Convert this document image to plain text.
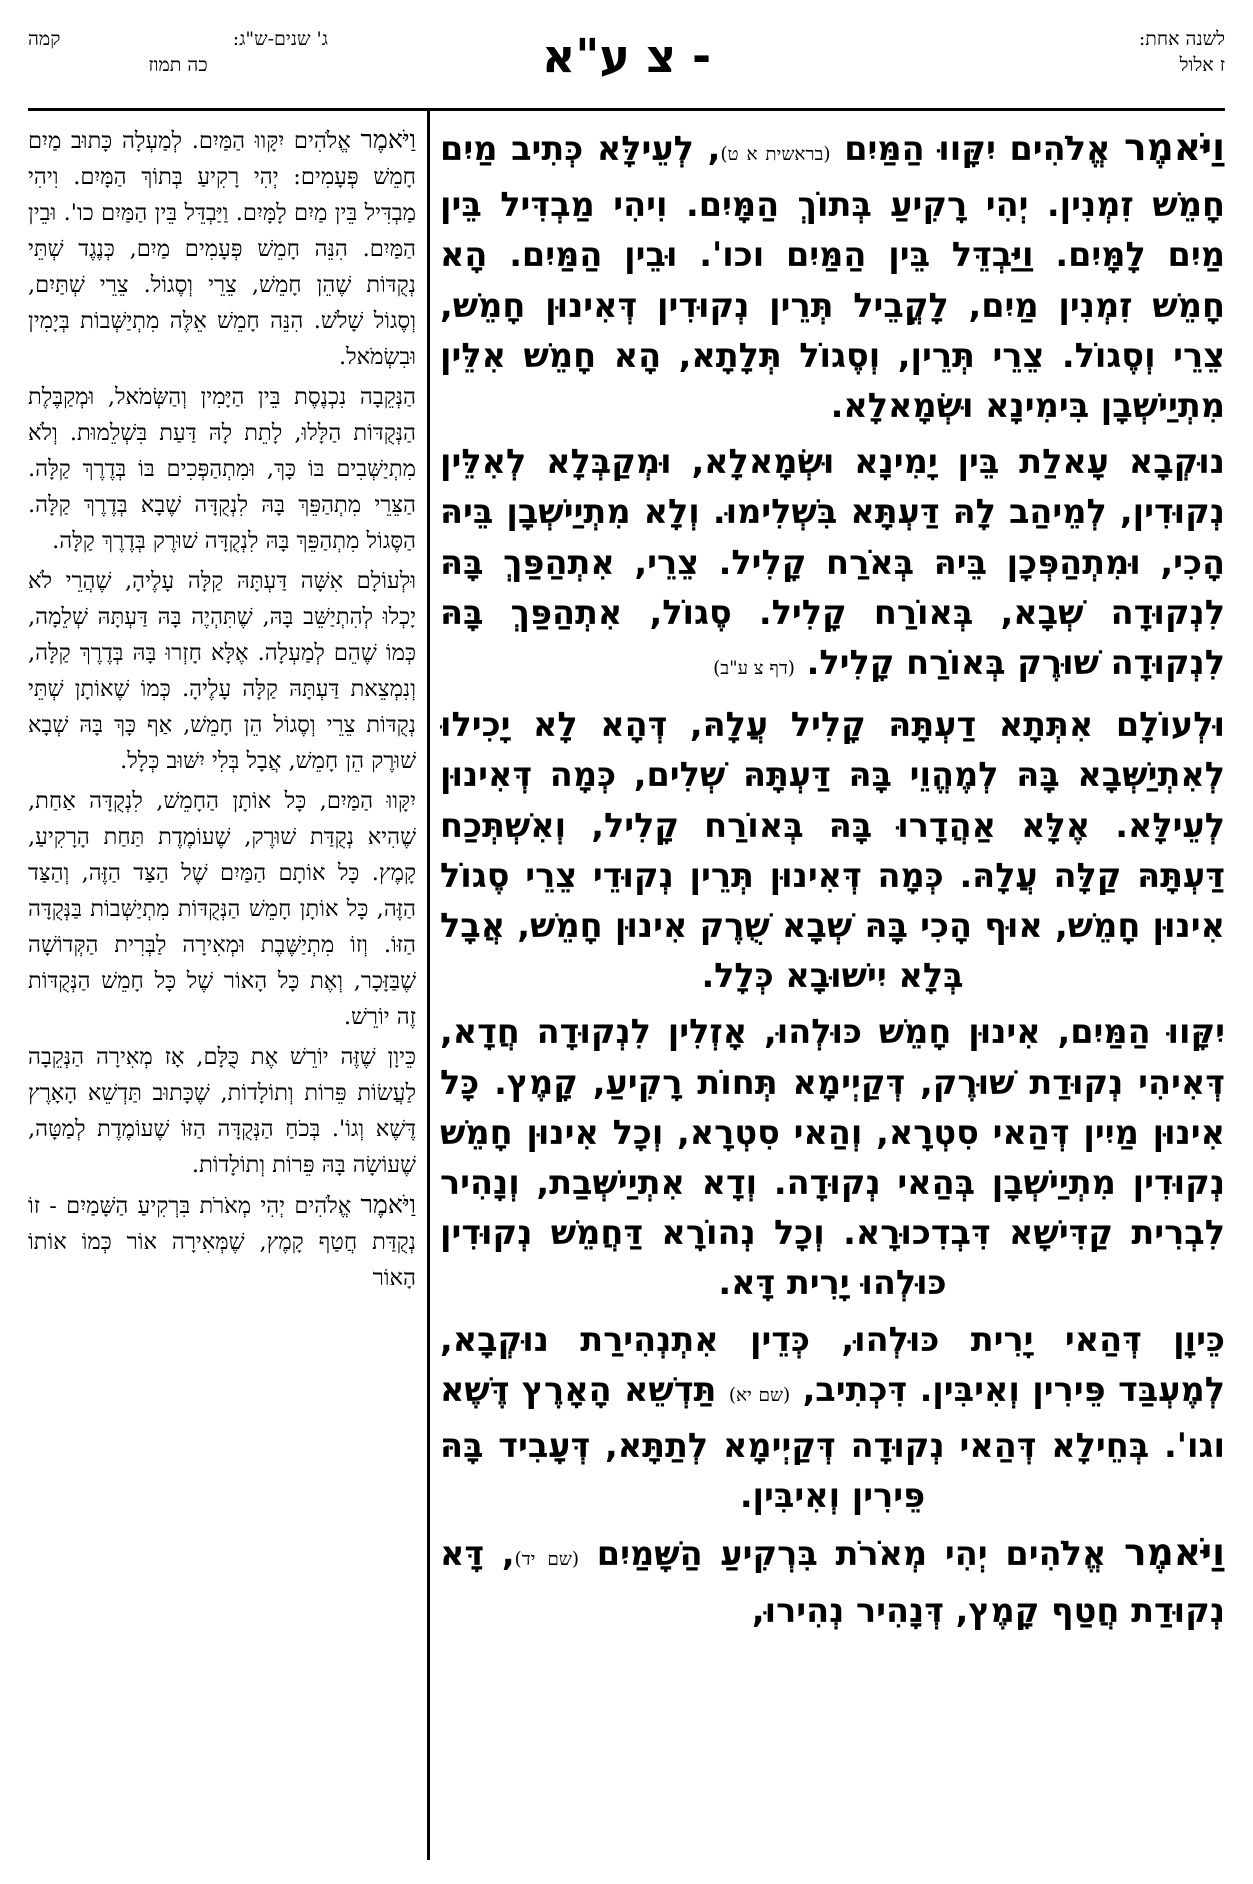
לשנה אחת:
ז אלול
- צ ע"א
ג' שנים-ש"ג:
קמה
כה תמוז

וַיֹּאמֶר אֱלֹהִים יִקָּווּ הַמַּיִם (בראשית א ט), לְעֵילָּא כְּתִיב מַיִם חָמֵשׁ זִמְנִין. יְהִי רָקִיעַ בְּתוֹךְ הַמָּיִם. וִיהִי מַבְדִּיל בֵּין מַיִם לָמָּיִם. וַיַּבְדֵּל בֵּין הַמַּיִם וכו'. וּבֵין הַמַּיִם. הָא חָמֵשׁ זִמְנִין מַיִם, לָקֳבֵיל תְּרֵין נְקוּדִין דְּאִינוּן חָמֵשׁ, צֵרֵי וְסֶגוֹל. צֵרֵי תְּרֵין, וְסֶגוֹל תְּלָתָא, הָא חָמֵשׁ אִלֵּין מִתְיַישְׁבָן בִּימִינָא וּשְׂמָאלָא.

נוּקְבָא עָאלַת בֵּין יָמִינָא וּשְׂמָאלָא, וּמְקַבְּלָא לְאִלֵּין נְקוּדִין, לְמֵיהַב לָהּ דַּעְתָּא בִּשְׁלִימוּ. וְלָא מִתְיַישְׁבָן בֵּיהּ הָכִי, וּמִתְהַפְּכָן בֵּיהּ בְּאֹרַח קָלִיל. צֵרֵי, אִתְהַפַּךְ בָּהּ לִנְקוּדָה שְׁבָא, בְּאוֹרַח קָלִיל. סֶגוֹל, אִתְהַפַּךְ בָּהּ לִנְקוּדָה שׁוּרֶק בְּאוֹרַח קָלִיל. (דף צ ע"ב)

וּלְעוֹלָם אִתְּתָא דַעְתָּהּ קָלִיל עֲלָהּ, דְּהָא לָא יָכִילוּ לְאִתְיַשְּׁבָא בָּהּ לְמֶהֱוֵי בָּהּ דַּעְתָּהּ שְׁלִים, כְּמָה דְּאִינוּן לְעֵילָּא. אֶלָּא אַהֲדָרוּ בָּהּ בְּאוֹרַח קָלִיל, וְאִשְׁתְּכַח דַּעְתָּהּ קַלָּה עֲלָהּ. כְּמָה דְּאִינוּן תְּרֵין נְקוּדֵי צֵרֵי סֶגוֹל אִינוּן חָמֵשׁ, אוּף הָכִי בָּהּ שְׁבָא שֻׁרֶק אִינוּן חָמֵשׁ, אֲבָל בְּלָא יִישׁוּבָא כְּלָל.

יִקָּווּ הַמַּיִם, אִינוּן חָמֵשׁ כּוּלְהוּ, אָזְלִין לִנְקוּדָה חֲדָא, דְּאִיהִי נְקוּדַת שׁוּרֶק, דְּקַיְימָא תְּחוֹת רָקִיעַ, קָמֶץ. כָּל אִינוּן מַיִין דְּהַאי סִטְרָא, וְהַאי סִטְרָא, וְכָל אִינוּן חָמֵשׁ נְקוּדִין מִתְיַישְׁבָן בְּהַאי נְקוּדָה. וְדָא אִתְיַישְּׁבַת, וְנָהִיר לִבְרִית קַדִּישָׁא דִּבְדִכוּרָא. וְכָל נְהוֹרָא דַּחֲמֵשׁ נְקוּדִין כּוּלְהוּ יָרִית דָּא.

כֵּיוָן דְּהַאי יָרִית כּוּלְהוּ, כְּדֵין אִתְנְהִירַת נוּקְבָא, לְמֶעְבַּד פֵּירִין וְאִיבִּין. דִּכְתִיב, (שם יא) תַּדְשֵׁא הָאָרֶץ דֶּשֶׁא וגו'. בְּחֵילָא דְּהַאי נְקוּדָה דְּקַיְימָא לְתַתָּא, דְּעָבִיד בָּהּ פֵּירִין וְאִיבִּין.

וַיֹּאמֶר אֱלֹהִים יְהִי מְאֹרֹת בִּרְקִיעַ הַשָּׁמַיִם (שם יד), דָּא נְקוּדַת חֲטַף קָמֶץ, דְּנָהִיר נְהִירוּ,

וַיֹּאמֶר אֱלֹהִים יִקָּווּ הַמַּיִם. לְמַעְלָה כָּתוּב מַיִם חָמֵשׁ פְּעָמִים: יְהִי רָקִיעַ בְּתוֹךְ הַמָּיִם. וִיהִי מַבְדִּיל בֵּין מַיִם לָמָּיִם. וַיַּבְדֵּל בֵּין הַמַּיִם כו'. וּבֵין הַמַּיִם. הִנֵּה חָמֵשׁ פְּעָמִים מַיִם, כְּנֶגֶד שְׁתֵּי נְקֻדּוֹת שֶׁהֵן חָמֵשׁ, צֵרֵי וְסֶגוֹל. צֵרֵי שְׁתַּיִם, וְסֶגוֹל שָׁלֹשׁ. הִנֵּה חָמֵשׁ אֵלֶּה מִתְיַשְּׁבוֹת בְּיָמִין וּבִשְׂמֹאל.

הַנְּקֵבָה נִכְנֶסֶת בֵּין הַיָּמִין וְהַשְּׂמֹאל, וּמְקַבֶּלֶת הַנְּקֻדּוֹת הַלָּלוּ, לָתֵת לָהּ דַּעַת בִּשְׁלֵמוּת. וְלֹא מִתְיַשְּׁבִים בּוֹ כָּךְ, וּמִתְהַפְּכִים בּוֹ בְּדֶרֶךְ קַלָּה. הַצֵּרֵי מִתְהַפֵּךְ בָּהּ לִנְקֻדָּה שֶׁבָא בְּדֶרֶךְ קַלָּה. הַסֶּגוֹל מִתְהַפֵּךְ בָּהּ לִנְקֻדָּה שׁוּרֶק בְּדֶרֶךְ קַלָּה.

וּלְעוֹלָם אִשָּׁה דַּעְתָּהּ קַלָּה עָלֶיהָ, שֶׁהֲרֵי לֹא יָכְלוּ לְהִתְיַשֵּׁב בָּהּ, שֶׁתִּהְיֶה בָּהּ דַּעְתָּהּ שְׁלֵמָה, כְּמוֹ שֶׁהֵם לְמַעְלָה. אֶלָּא חָזְרוּ בָּהּ בְּדֶרֶךְ קַלָּה, וְנִמְצֵאת דַּעְתָּהּ קַלָּה עָלֶיהָ. כְּמוֹ שֶׁאוֹתָן שְׁתֵּי נְקֻדּוֹת צֵרֵי וְסֶגוֹל הֵן חָמֵשׁ, אַף כָּךְ בָּהּ שְׁבָא שׁוּרֶק הֵן חָמֵשׁ, אֲבָל בְּלִי יִשּׁוּב כְּלָל.

יִקָּווּ הַמַּיִם, כָּל אוֹתָן הַחָמֵשׁ, לִנְקֻדָּה אַחַת, שֶׁהִיא נְקֻדַּת שׁוּרֶק, שֶׁעוֹמֶדֶת תַּחַת הָרָקִיעַ, קָמֶץ. כָּל אוֹתָם הַמַּיִם שֶׁל הַצַּד הַזֶּה, וְהַצַּד הַזֶּה, כָּל אוֹתָן חָמֵשׁ הַנְּקֻדּוֹת מִתְיַשְּׁבוֹת בַּנְּקֻדָּה הַזּוֹ. וְזוֹ מִתְיַשֶּׁבֶת וּמְאִירָה לַבְּרִית הַקְּדוֹשָׁה שֶׁבַּזָּכָר, וְאֶת כָּל הָאוֹר שֶׁל כָּל חָמֵשׁ הַנְּקֻדּוֹת זֶה יוֹרֵשׁ.

כֵּיוָן שֶׁזֶּה יוֹרֵשׁ אֶת כֻּלָּם, אָז מְאִירָה הַנְּקֵבָה לַעֲשׂוֹת פֵּרוֹת וְתוֹלָדוֹת, שֶׁכָּתוּב תַּדְשֵׁא הָאָרֶץ דֶּשֶׁא וְגוֹ'. בְּכֹחַ הַנְּקֻדָּה הַזּוֹ שֶׁעוֹמֶדֶת לְמַטָּה, שֶׁעוֹשָׂה בָּהּ פֵּרוֹת וְתוֹלָדוֹת.

וַיֹּאמֶר אֱלֹהִים יְהִי מְאֹרֹת בִּרְקִיעַ הַשָּׁמַיִם - זוֹ נְקֻדַּת חֲטַף קָמֶץ, שֶׁמְּאִירָה אוֹר כְּמוֹ אוֹתוֹ הָאוֹר
